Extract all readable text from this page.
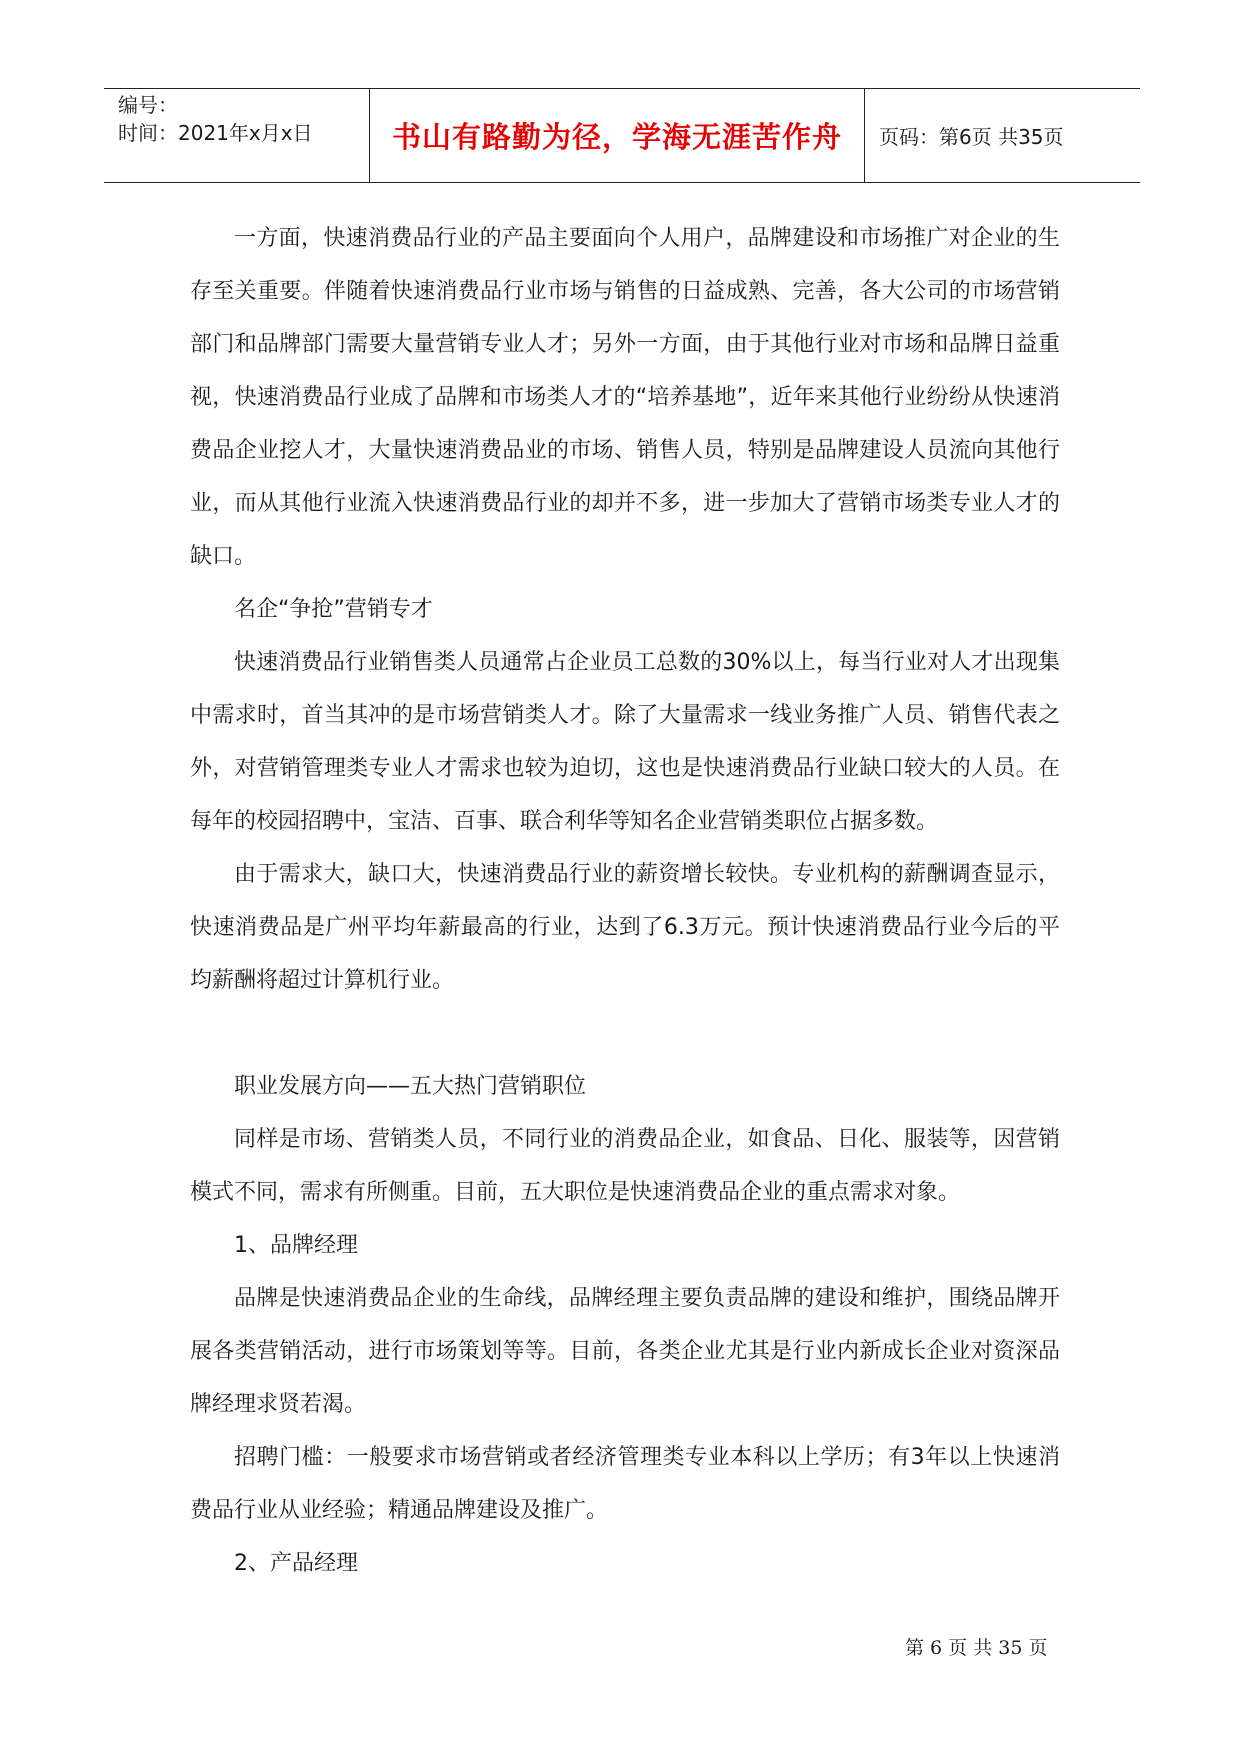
编号：
时间：2021年x月x日	书山有路勤为径，学海无涯苦作舟	页码：第6页 共35页

一方面，快速消费品行业的产品主要面向个人用户，品牌建设和市场推广对企业的生存至关重要。伴随着快速消费品行业市场与销售的日益成熟、完善，各大公司的市场营销部门和品牌部门需要大量营销专业人才；另外一方面，由于其他行业对市场和品牌日益重视，快速消费品行业成了品牌和市场类人才的“培养基地”，近年来其他行业纷纷从快速消费品企业挖人才，大量快速消费品业的市场、销售人员，特别是品牌建设人员流向其他行业，而从其他行业流入快速消费品行业的却并不多，进一步加大了营销市场类专业人才的缺口。

名企“争抢”营销专才

快速消费品行业销售类人员通常占企业员工总数的30%以上，每当行业对人才出现集中需求时，首当其冲的是市场营销类人才。除了大量需求一线业务推广人员、销售代表之外，对营销管理类专业人才需求也较为迫切，这也是快速消费品行业缺口较大的人员。在每年的校园招聘中，宝洁、百事、联合利华等知名企业营销类职位占据多数。

由于需求大，缺口大，快速消费品行业的薪资增长较快。专业机构的薪酬调查显示，快速消费品是广州平均年薪最高的行业，达到了6.3万元。预计快速消费品行业今后的平均薪酬将超过计算机行业。

职业发展方向——五大热门营销职位

同样是市场、营销类人员，不同行业的消费品企业，如食品、日化、服装等，因营销模式不同，需求有所侧重。目前，五大职位是快速消费品企业的重点需求对象。

1、品牌经理

品牌是快速消费品企业的生命线，品牌经理主要负责品牌的建设和维护，围绕品牌开展各类营销活动，进行市场策划等等。目前，各类企业尤其是行业内新成长企业对资深品牌经理求贤若渴。

招聘门槛：一般要求市场营销或者经济管理类专业本科以上学历；有3年以上快速消费品行业从业经验；精通品牌建设及推广。

2、产品经理

第 6 页 共 35 页
